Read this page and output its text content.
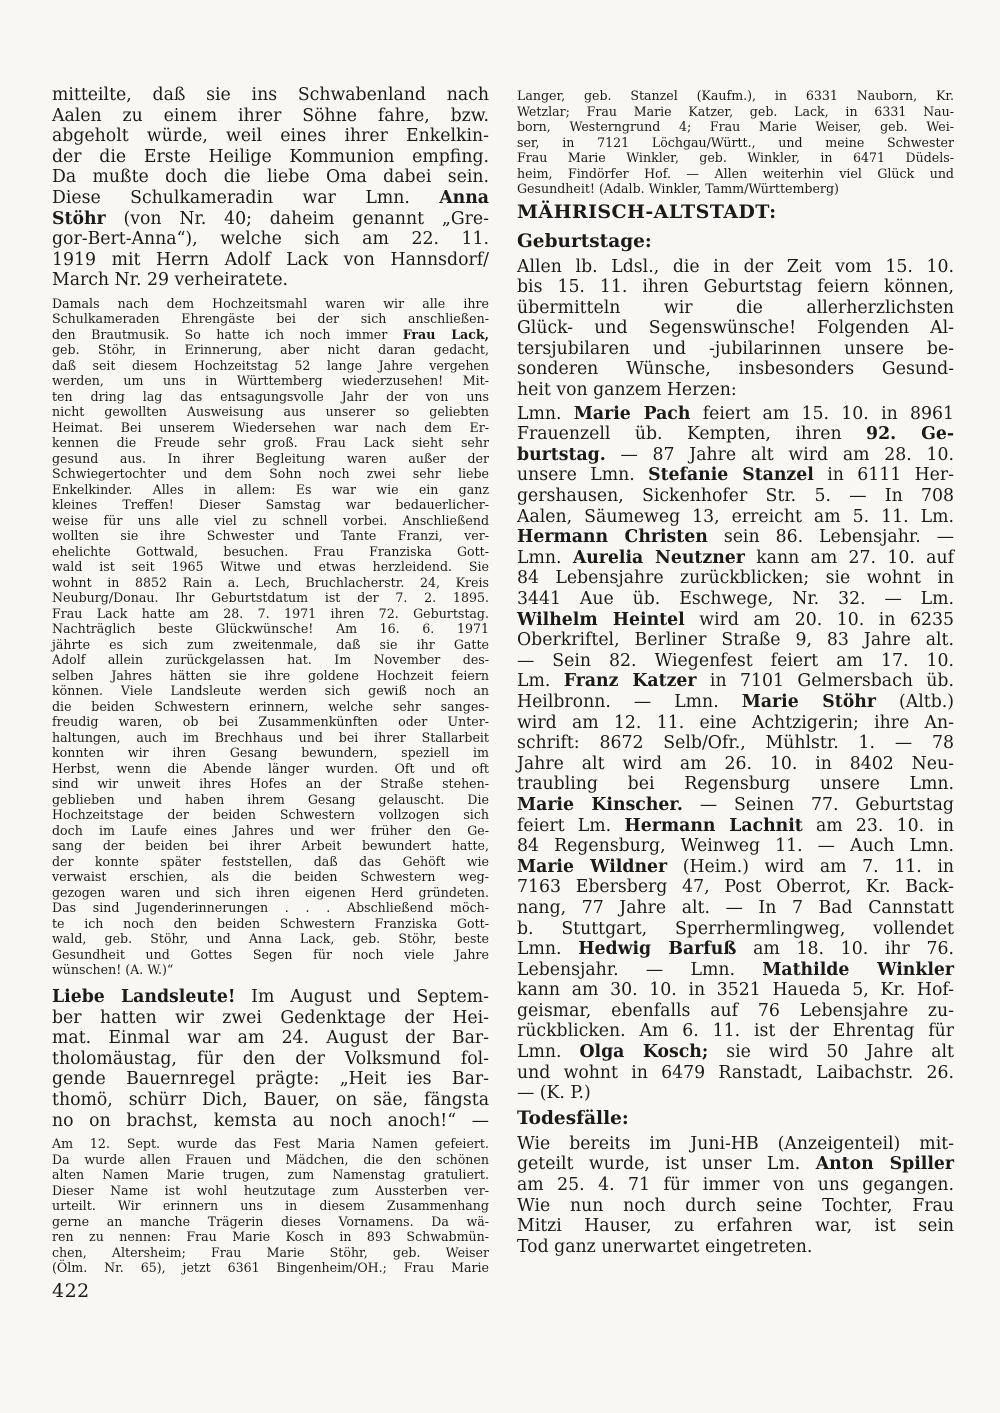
mitteilte, daß sie ins Schwabenland nach
Aalen zu einem ihrer Söhne fahre, bzw.
abgeholt würde, weil eines ihrer Enkelkin-
der die Erste Heilige Kommunion empfing.
Da mußte doch die liebe Oma dabei sein.
Diese Schulkameradin war Lmn. Anna
Stöhr (von Nr. 40; daheim genannt „Gre-
gor-Bert-Anna“), welche sich am 22. 11.
1919 mit Herrn Adolf Lack von Hannsdorf/
March Nr. 29 verheiratete.
Damals nach dem Hochzeitsmahl waren wir alle ihre
Schulkameraden Ehrengäste bei der sich anschließen-
den Brautmusik. So hatte ich noch immer Frau Lack,
geb. Stöhr, in Erinnerung, aber nicht daran gedacht,
daß seit diesem Hochzeitstag 52 lange Jahre vergehen
werden, um uns in Württemberg wiederzusehen! Mit-
ten dring lag das entsagungsvolle Jahr der von uns
nicht gewollten Ausweisung aus unserer so geliebten
Heimat. Bei unserem Wiedersehen war nach dem Er-
kennen die Freude sehr groß. Frau Lack sieht sehr
gesund aus. In ihrer Begleitung waren außer der
Schwiegertochter und dem Sohn noch zwei sehr liebe
Enkelkinder. Alles in allem: Es war wie ein ganz
kleines Treffen! Dieser Samstag war bedauerlicher-
weise für uns alle viel zu schnell vorbei. Anschließend
wollten sie ihre Schwester und Tante Franzi, ver-
ehelichte Gottwald, besuchen. Frau Franziska Gott-
wald ist seit 1965 Witwe und etwas herzleidend. Sie
wohnt in 8852 Rain a. Lech, Bruchlacherstr. 24, Kreis
Neuburg/Donau. Ihr Geburtstdatum ist der 7. 2. 1895.
Frau Lack hatte am 28. 7. 1971 ihren 72. Geburtstag.
Nachträglich beste Glückwünsche! Am 16. 6. 1971
jährte es sich zum zweitenmale, daß sie ihr Gatte
Adolf allein zurückgelassen hat. Im November des-
selben Jahres hätten sie ihre goldene Hochzeit feiern
können. Viele Landsleute werden sich gewiß noch an
die beiden Schwestern erinnern, welche sehr sanges-
freudig waren, ob bei Zusammenkünften oder Unter-
haltungen, auch im Brechhaus und bei ihrer Stallarbeit
konnten wir ihren Gesang bewundern, speziell im
Herbst, wenn die Abende länger wurden. Oft und oft
sind wir unweit ihres Hofes an der Straße stehen-
geblieben und haben ihrem Gesang gelauscht. Die
Hochzeitstage der beiden Schwestern vollzogen sich
doch im Laufe eines Jahres und wer früher den Ge-
sang der beiden bei ihrer Arbeit bewundert hatte,
der konnte später feststellen, daß das Gehöft wie
verwaist erschien, als die beiden Schwestern weg-
gezogen waren und sich ihren eigenen Herd gründeten.
Das sind Jugenderinnerungen . . . Abschließend möch-
te ich noch den beiden Schwestern Franziska Gott-
wald, geb. Stöhr, und Anna Lack, geb. Stöhr, beste
Gesundheit und Gottes Segen für noch viele Jahre
wünschen! (A. W.)“
Liebe Landsleute! Im August und Septem-
ber hatten wir zwei Gedenktage der Hei-
mat. Einmal war am 24. August der Bar-
tholomäustag, für den der Volksmund fol-
gende Bauernregel prägte: „Heit ies Bar-
thomö, schürr Dich, Bauer, on säe, fängsta
no on brachst, kemsta au noch anoch!“ —
Am 12. Sept. wurde das Fest Maria Namen gefeiert.
Da wurde allen Frauen und Mädchen, die den schönen
alten Namen Marie trugen, zum Namenstag gratuliert.
Dieser Name ist wohl heutzutage zum Aussterben ver-
urteilt. Wir erinnern uns in diesem Zusammenhang
gerne an manche Trägerin dieses Vornamens. Da wä-
ren zu nennen: Frau Marie Kosch in 893 Schwabmün-
chen, Altersheim; Frau Marie Stöhr, geb. Weiser
(Ölm. Nr. 65), jetzt 6361 Bingenheim/OH.; Frau Marie
422
Langer, geb. Stanzel (Kaufm.), in 6331 Nauborn, Kr.
Wetzlar; Frau Marie Katzer, geb. Lack, in 6331 Nau-
born, Westerngrund 4; Frau Marie Weiser, geb. Wei-
ser, in 7121 Löchgau/Württ., und meine Schwester
Frau Marie Winkler, geb. Winkler, in 6471 Düdels-
heim, Findörfer Hof. — Allen weiterhin viel Glück und
Gesundheit! (Adalb. Winkler, Tamm/Württemberg)
MÄHRISCH-ALTSTADT:
Geburtstage:
Allen lb. Ldsl., die in der Zeit vom 15. 10.
bis 15. 11. ihren Geburtstag feiern können,
übermitteln wir die allerherzlichsten
Glück- und Segenswünsche! Folgenden Al-
tersjubilaren und -jubilarinnen unsere be-
sonderen Wünsche, insbesonders Gesund-
heit von ganzem Herzen:
Lmn. Marie Pach feiert am 15. 10. in 8961
Frauenzell üb. Kempten, ihren 92. Ge-
burtstag. — 87 Jahre alt wird am 28. 10.
unsere Lmn. Stefanie Stanzel in 6111 Her-
gershausen, Sickenhofer Str. 5. — In 708
Aalen, Säumeweg 13, erreicht am 5. 11. Lm.
Hermann Christen sein 86. Lebensjahr. —
Lmn. Aurelia Neutzner kann am 27. 10. auf
84 Lebensjahre zurückblicken; sie wohnt in
3441 Aue üb. Eschwege, Nr. 32. — Lm.
Wilhelm Heintel wird am 20. 10. in 6235
Oberkriftel, Berliner Straße 9, 83 Jahre alt.
— Sein 82. Wiegenfest feiert am 17. 10.
Lm. Franz Katzer in 7101 Gelmersbach üb.
Heilbronn. — Lmn. Marie Stöhr (Altb.)
wird am 12. 11. eine Achtzigerin; ihre An-
schrift: 8672 Selb/Ofr., Mühlstr. 1. — 78
Jahre alt wird am 26. 10. in 8402 Neu-
traubling bei Regensburg unsere Lmn.
Marie Kinscher. — Seinen 77. Geburtstag
feiert Lm. Hermann Lachnit am 23. 10. in
84 Regensburg, Weinweg 11. — Auch Lmn.
Marie Wildner (Heim.) wird am 7. 11. in
7163 Ebersberg 47, Post Oberrot, Kr. Back-
nang, 77 Jahre alt. — In 7 Bad Cannstatt
b. Stuttgart, Sperrhermlingweg, vollendet
Lmn. Hedwig Barfuß am 18. 10. ihr 76.
Lebensjahr. — Lmn. Mathilde Winkler
kann am 30. 10. in 3521 Haueda 5, Kr. Hof-
geismar, ebenfalls auf 76 Lebensjahre zu-
rückblicken. Am 6. 11. ist der Ehrentag für
Lmn. Olga Kosch; sie wird 50 Jahre alt
und wohnt in 6479 Ranstadt, Laibachstr. 26.
— (K. P.)
Todesfälle:
Wie bereits im Juni-HB (Anzeigenteil) mit-
geteilt wurde, ist unser Lm. Anton Spiller
am 25. 4. 71 für immer von uns gegangen.
Wie nun noch durch seine Tochter, Frau
Mitzi Hauser, zu erfahren war, ist sein
Tod ganz unerwartet eingetreten.
